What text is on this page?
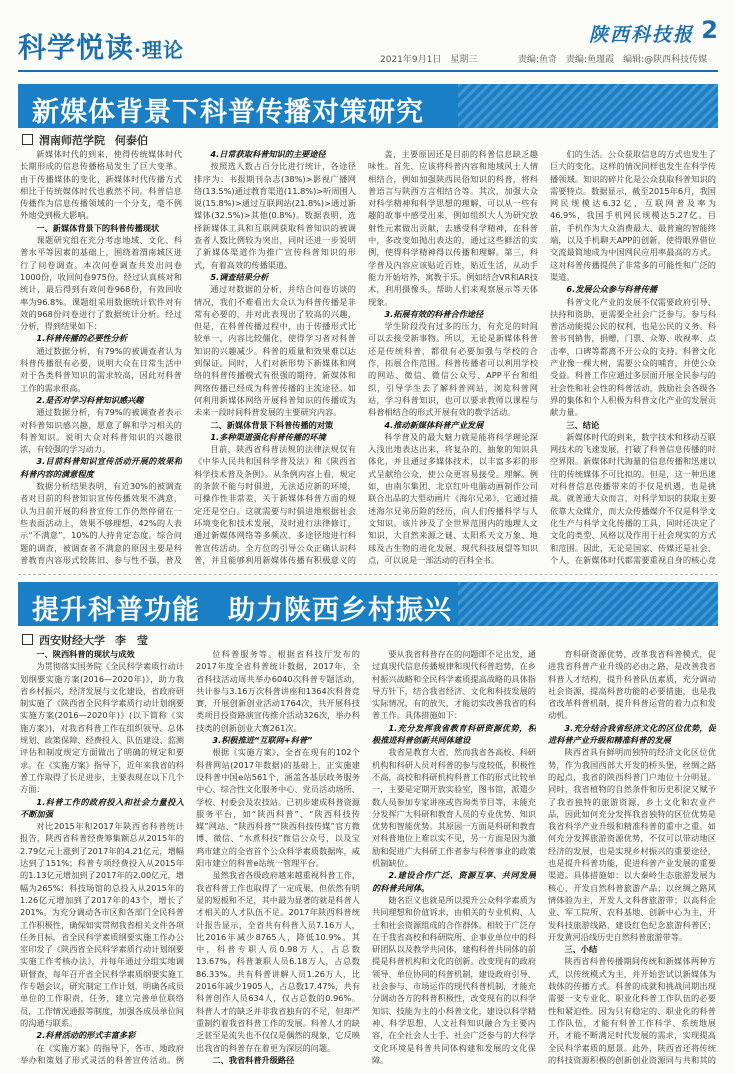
科学悦读·理论
陕西科技报 2
2021年9月1日　星期三	责编:鱼奇　责编:鱼瑾霞　编辑:@陕西科技传媒
新媒体背景下科普传播对策研究
渭南师范学院 何泰伯

新媒体时代的到来，使得传统媒体时代长期形成的信息传播格局发生了巨大变革。由于传播媒体的变化，新媒体时代传播方式相比于传统媒体时代也截然不同。科普信息传播作为信息传播领域的一个分支，毫不例外地受到极大影响。

一、新媒体背景下的科普传播现状

课题研究组在充分考虑地域、文化、科普水平等因素的基础上，围绕着渭南城区进行了问卷调查。本次问卷调查共发出问卷1000份，收回问卷975份。经过认真核对和统计，最后得到有效问卷968份，有效回收率为96.8%。课题组采用数据统计软件对有效的968份问卷进行了数据统计分析。经过分析，得到结果如下：

1.科普传播的必要性分析

通过数据分析，有79%的被调查者认为科普传播很有必要，说明大众在日常生活中对于各类科普知识的需求较高，因此对科普工作的需求很高。

2.是否对学习科普知识感兴趣

通过数据分析，有79%的被调查者表示对科普知识感兴趣，愿意了解和学习相关的科普知识。说明大众对科普知识的兴趣很浓，有较强的学习动力。

3.目前科普知识宣传活动开展的效果和科普内容的满意程度

数据分析结果表明，有近30%的被调查者对目前的科普知识宣传传播效果不满意，认为目前开展的科普宣传工作仍然停留在一些表面活动上，效果不够理想，42%的人表示“不满意”，10%的人持肯定态度。综合问题的调查，被调查者不满意的原因主要是科普教育内容形式较陈旧、参与性不强，普及

4.日常获取科普知识的主要途径

按照选人数占百分比进行统计，各途径排序为：书报期刊杂志(38%)>影视广播网络(13.5%)通过教育渠道(11.8%)>听周围人说(15.8%)>通过互联网站(21.8%)>通过新媒体(32.5%)>其他(0.8%)。数据表明，选择新媒体工具和互联网获取科普知识的被调查者人数比例较为突出，同时还进一步说明了新媒体渠道作为推广宣传科普知识的形式，有着高效的传播渠道。

5.调查结果分析

通过对数据的分析，并结合问卷访谈的情况，我们不难看出大众认为科普传播是非常有必要的，并对此表现出了较高的兴趣，但是，在科普传播过程中，由于传播形式比较单一，内容比较僵化，使得学习者对科普知识的兴趣减少。科普的质量和效果难以达到保证。同时，人们对新形势下新媒体和网络的科普传播模式有很强的期待，新媒体和网络传播已经成为科普传播的主流途径。如何利用新媒体网络开展科普知识的传播成为未来一段时间科普发展的主要研究内容。

二、新媒体背景下科普传播的对策

1.多种渠道强化科普传播的环境

目前，陕西省科普法规的法律法规仅有《中华人民共和国科学普及法》和《陕西省科学技术普及条例》。从条例内容上看，规定的条款不能与时俱进，无法适应新的环境，可操作性非常差，关于新媒体科普方面的规定还是空白。这就需要与时俱进地根据社会环境变化和技术发展，及时进行法律修订，通过新媒体网络等多频次、多途径地进行科普宣传活动。全方位的引导公众正确认识科普，并且能够利用新媒体传播有积极意义的

盖，主要原因还是目前的科普信息缺乏趣味性。首先，应该将科普内容和地域风土人情相结合，例如加强陕西民俗知识的科普，将科普语言与陕西方言相结合等。其次，加强大众对科学精神和科学思想的理解，可以从一些有趣的故事中感受出来，例如组织大人为研究放射性元素做出贡献，去感受科学精神，在科普中，多改变如抛出表达的，通过这些鲜活的实例，使得科学精神得以传播和理解。第三，科学普及内容应该贴近百姓，贴近生活，从动手能力开始培养，寓教于乐。例如结合VR和AR技术，利用摄像头，帮助人们来观察展示等天体现象。

3.拓展有效的科普合作途径

学生阶段没有过多的压力，有充足的时间可以去接受新事物。所以，无论是新媒体科普还是传统科普，都很有必要加强与学校的合作，拓展合作范围。科普传播者可以利用学校的网站、微信、微信公众号、APP平台和组织，引导学生去了解科普网站，浏览科普网站，学习科普知识，也可以要求教师以课程与科普相结合的形式开展有效的教学活动。

4.推动新媒体科普产业发展

科学普及的最大魅力就是能将科学理论深入浅出地表达出来，将复杂的、抽象的知识具体化，并且通过多媒体技术，以丰富多彩的形式呈献给公众，使公众更容易接受。理解。例如，由南尔集团、北京红叶电脑动画制作公司联合出品的大型动画片《海尔兄弟》，它通过描述海尔兄弟历险的经历，向人们传播科学与人文知识。该片涉及了全世界范围内的地理人文知识，大自然来源之谜、太阳系天文万象、地球及古生物的进化发展、现代科技展望等知识点，可以说是一部活动的百科全书。

们的生活。公众获取信息的方式也发生了巨大的变化。这样的情况同样也发生在科学传播领域。知识的碎片化是公众获取科普知识的需要特点。数据显示，截至2015年6月，我国网民规模达6.32亿，互联网普及率为46.9%，我国手机网民规模达5.27亿。目前，手机作为大众消费最大、最普遍的智能终端，以及手机聊天APP的创新，使得眼界借位交流最简地成为中国网民应用率最高的方式。这对科普传播提供了非常多的可能性和广泛的渠道。

6.发展公众参与科普传播

科普文化产业的发展不仅需要政府引导、扶持和资助，更需要全社会广泛参与。参与科普活动能提公民的权利，也是公民的义务。科普书刊销售，捐赠，门票、众筹、收视率、点击率，口碑等都离不开公众的支持。科普文化产业像一棵大树，需要公众的哺育，并使公众受益。科普工作应通过多层面开展全民参与的社会性和社会性的科普活动，鼓励社会各级各界的集体和个人积极为科普文化产业的发展贡献力量。

三、结论

新媒体时代的到来，数字技术和移动互联网技术的飞速发展，打破了科普信息传播的时空界限。新媒体时代海量的信息传播和迅速以往的传统媒体不可比拟的。但是，这一种迅速对科普信息传播带来的不仅是机遇，也是挑战。就普通大众而言，对科学知识的获取主要依靠大众媒介，而大众传播媒介不仅是科学文化生产与科学文化传播的工具，同时还决定了文化的类型、风格以及作用于社会现实的方式和范围。因此，无论是国家、传媒还是社会、个人，在新媒体时代都需要重视自身的核心竞

提升科普功能　助力陕西乡村振兴
西安财经大学 李　莹

一、陕西科普的现状与成效

为贯彻落实国务院《全民科学素质行动计划纲要实施方案(2016—2020年)》，助力我省乡村振兴，经济发展与文化建设，省政府研制实施了《陕西省全民科学素质行动计划纲要实施方案(2016—2020年)》(以下简称《实施方案》)，对我省科普工作在组织领导、总体规划、政策保障、经费投入、队伍建设、监测评估和制度规定方面做出了明确的规定和要求。在《实施方案》指导下，近年来我省的科普工作取得了长足进步，主要表现在以下几个方面：

1.科普工作的政府投入和社会力量投入不断加强

对比2015年和2017年陕西省科普统计报告，陕西省科普经费筹集额总从2015年的2.79亿元上涨到了2017年的4.21亿元，增幅达到了151%；科普专项经费投入从2015年的1.13亿元增加到了2017年的2.00亿元，增幅为265%；科技场馆的总投入从2015年的1.26亿元增加到了2017年的43个，增长了201%。为充分调动各市区和各部门全民科普工作积极性，确保如实贯彻我省相关文件各项任务目标，省全民科学素质纲要实施工作办公室印发了《陕西省全民科学素质行动计划纲要实施工作考核办法》，并每年通过分组实地调研督查，每年召开省全民科学素质纲要实施工作专题会议，研究制定工作计划，明确各成员单位的工作职责，任务，建立完善单位联络员，工作情况通报等制度，加强各成员单位间的沟通与联系。

2.科普活动的形式丰富多彩

在《实施方案》的指导下，各市、地政府举办和策划了形式灵活的科普宣传活动。例

位科普服务等。根据省科技厅发布的2017年度全省科普统计数据，2017年，全省科技活动周共举办6040次科普专题活动，共计参与3.16万次科普讲座和1364次科普竞赛，开展创新创业活动1764次，共开展科技类项目投资路演宣传推介活动326次，举办科技类的创新创业大赛261次。

3.积极推进“互联网+科普”

根据《实施方案》，全省在现有的102个科普网站(2017年数据)的基础上，正实施建设科普中国e站561个，涵盖各基层政务服务中心、综合性文化服务中心、党员活动场所、学校、村委会及农技站。已初步建成科普资源服务平台，如“陕西科普”、“陕西科技传媒”网站、“陕西科普”“陕西科技传媒”官方微博、微信、“水煮科技”微信公众号，以及宝鸡市建立的全省首个公众科学素质数据库，咸阳市建立的科普e站统一管理平台。

虽然我省各级政府越来越重视科普工作，我省科普工作也取得了一定成果，但依然有明显的短板和不足，其中最为显著的就是科普人才相关的人才队伍不足。2017年陕西科普统计报告显示，全省共有科普人员7.16万人，比2016年减少8765人，降低10.9%。其中，科普专职人员0.98万人，占总数13.67%，科普兼职人员6.18万人，占总数86.33%。共有科普讲解人员1.26万人，比2016年减少1905人，占总数17.47%，共有科普创作人员634人，仅占总数的0.96%。科普人才的缺乏并非我省独有的不足，但却严重制约着我省科普工作的发展。科普人才的缺乏甚至是流失也不仅仅是偶然的现象，它反映出我省的科普存在着更为深层的问题。

二、我省科普升级路径

要从我省科普存在的问题即不足出发，通过真现代信息传播规律和现代科普趋势，在乡村振兴战略和全民科学素质提高战略的具体指导方针下，结合我省经济、文化和科技发展的实际情况，有的放矢，才能切实改善我省的科普工作。具体措施如下：

1.充分发挥我省教育科研资源优势，积极推进科普创新共同体建设

我省是教育大省，然而我省各高校、科研机构和科研人员对科普的参与度较低，积极性不高，高校和科研机构科普工作的形式比较单一，主要是定期开放实验室，图书馆，派遣少数人员参加专家讲座或咨询类节目等，未能充分发挥广大科研和教育人员的专业优势、知识优势和智能优势。其原因一方面是科研和教育对科普地位上难以实不见，另一方面是因为激励和促进广大科研工作者参与科普事业的政策机制缺位。

2.建设合作广泛、资源互享、共同发展的科普共同体。

随名臣义也就是所以提升公众科学素质为共同理想和价值诉求，由相关的专业机构、人士和社会资源组成的合作群体。相较于广泛存在于我省高校和科研院所、企事业单位中的科研团队以及教学共同体，建构科普共同体的前提是科普机构和文化的创新。改变现有的政府领导、单位协同的科普机制，建设政府引导、社会参与、市场运作的现代科普机制，才能充分调动各方的科普积极性，改变现有的以科学知识、技能为主的小科普文化，建设以科学精神、科学思想、人文社科知识融合为主要内容，在全社会人士手、社会广泛参与的大科学文化环境是科普共同体构建和发展的文化保障。

育科研资源优势，改革我省科普模式，促进我省科普产业升级的必由之路，是改善我省科普人才结构，提升科普队伍素质，充分调动社会资源，提高科普功能的必要措施，也是我省改革科普机制，提升科普运营的着力点和发动机。

3.充分结合我省经济文化的区位优势，促进科普产业升级和精准科普的发展

陕西省具有鲜明而独特的经济文化区位优势，作为我国西部大开发的桥头堡，丝绸之路的起点，我省的陕西科普门户地位十分明显。同时，我省植物的自然条件和历史积淀又赋予了我省独特的旅游资源，乡土文化和农业产品，因此如何充分发挥我省独特的区位优势是我省科学产业升级和精准科普的重中之重。如何充分发挥旅游资源优势，不仅可以带动地区经济的发展，也是实现乡村振兴的重要途径，也是提升科普功能，促进科普产业发展的重要渠道。具体措施如：以大秦岭生态旅游发展为核心，开发自然科普旅游产品；以丝绸之路风情体验为主，开发人文科普旅游带；以高科企业、军工院所、农科基地、创新中心为主，开发科技旅游线路，建设红色纪念旅游科普区；开发黄河沿线历史自然科普旅游带等。

三、小结

陕西省科普传播期间传统和新媒体两种方式，以传统模式为主，并开始尝试以新媒体为载体的传播方式。科普的成就和挑战同期出现需要一支专业化、职业化科普工作队伍的必要性和紧迫性。因为只有稳定的、职业化的科普工作队伍，才能有科普工作科学、系统地展开，才能不断满足时代发展的需求，实现提高全民科学素质的愿景。此外，陕西省还将传统的科技资源积极的创新创业资源同与共和其的
